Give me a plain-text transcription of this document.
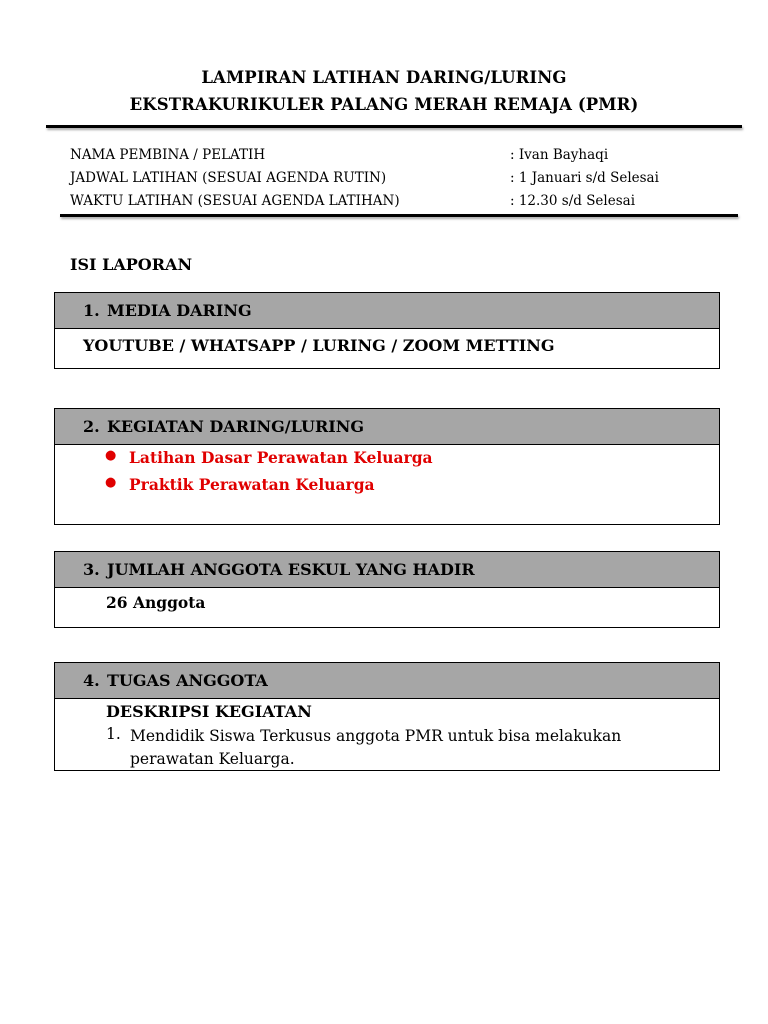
LAMPIRAN LATIHAN DARING/LURING
EKSTRAKURIKULER PALANG MERAH REMAJA (PMR)
NAMA PEMBINA / PELATIH	: Ivan Bayhaqi
JADWAL LATIHAN (SESUAI AGENDA RUTIN)	: 1 Januari s/d Selesai
WAKTU LATIHAN (SESUAI AGENDA LATIHAN)	: 12.30 s/d Selesai
ISI LAPORAN
1. MEDIA DARING
YOUTUBE / WHATSAPP / LURING / ZOOM METTING
2. KEGIATAN DARING/LURING
● Latihan Dasar Perawatan Keluarga
● Praktik Perawatan Keluarga
3. JUMLAH ANGGOTA ESKUL YANG HADIR
26 Anggota
4. TUGAS ANGGOTA
DESKRIPSI KEGIATAN
1. Mendidik Siswa Terkusus anggota PMR untuk bisa melakukan perawatan Keluarga.
